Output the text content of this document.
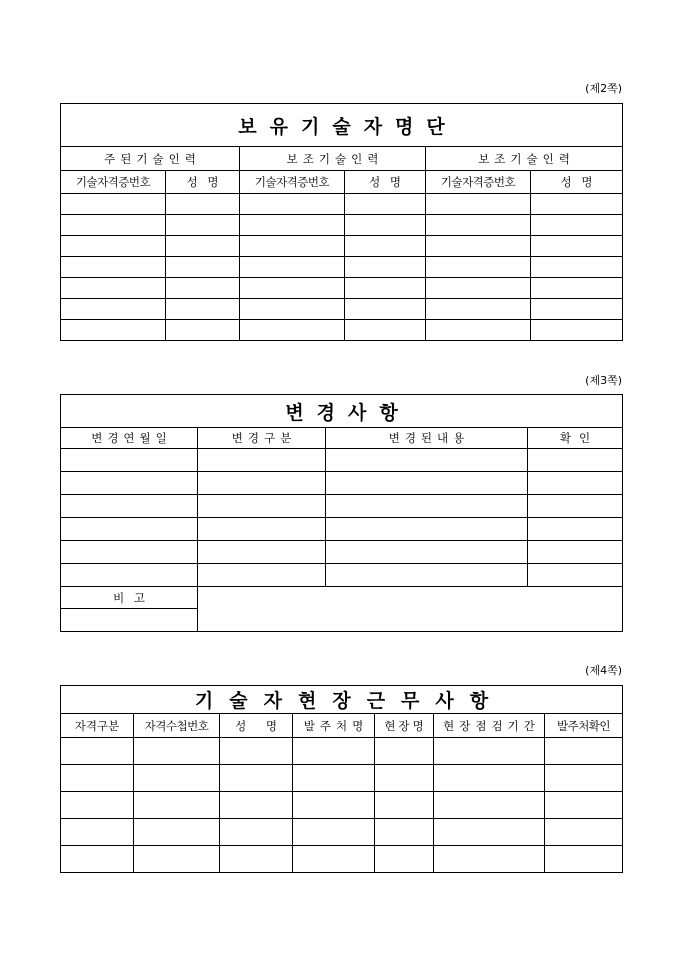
(제2쪽)
보유기술자명단					
주된기술인력		보조기술인력		보조기술인력	
기술자격증번호	성 명	기술자격증번호	성 명	기술자격증번호	성 명

(제3쪽)
변경사항			
변경연월일	변경구분	변경된내용	확인

비 고			

(제4쪽)
기술자현장근무사항						
자격구분	자격수첩번호	성 명	발주처명	현장명	현장점검기간	발주처확인
